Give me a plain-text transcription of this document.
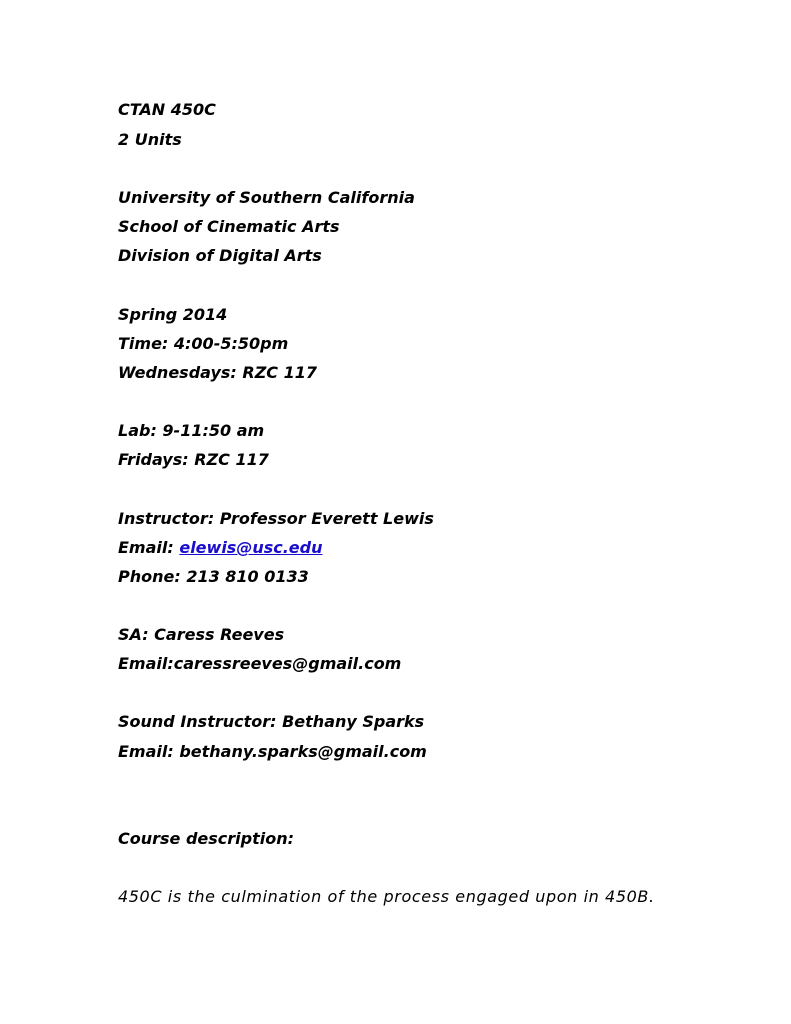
CTAN 450C

2 Units

University of Southern California

School of Cinematic Arts

Division of Digital Arts

Spring 2014

Time: 4:00-5:50pm

Wednesdays: RZC 117

Lab: 9-11:50 am

Fridays: RZC 117

Instructor: Professor Everett Lewis

Email: elewis@usc.edu

Phone: 213 810 0133

SA: Caress Reeves

Email:caressreeves@gmail.com

Sound Instructor: Bethany Sparks

Email: bethany.sparks@gmail.com

Course description:

450C is the culmination of the process engaged upon in 450B.
